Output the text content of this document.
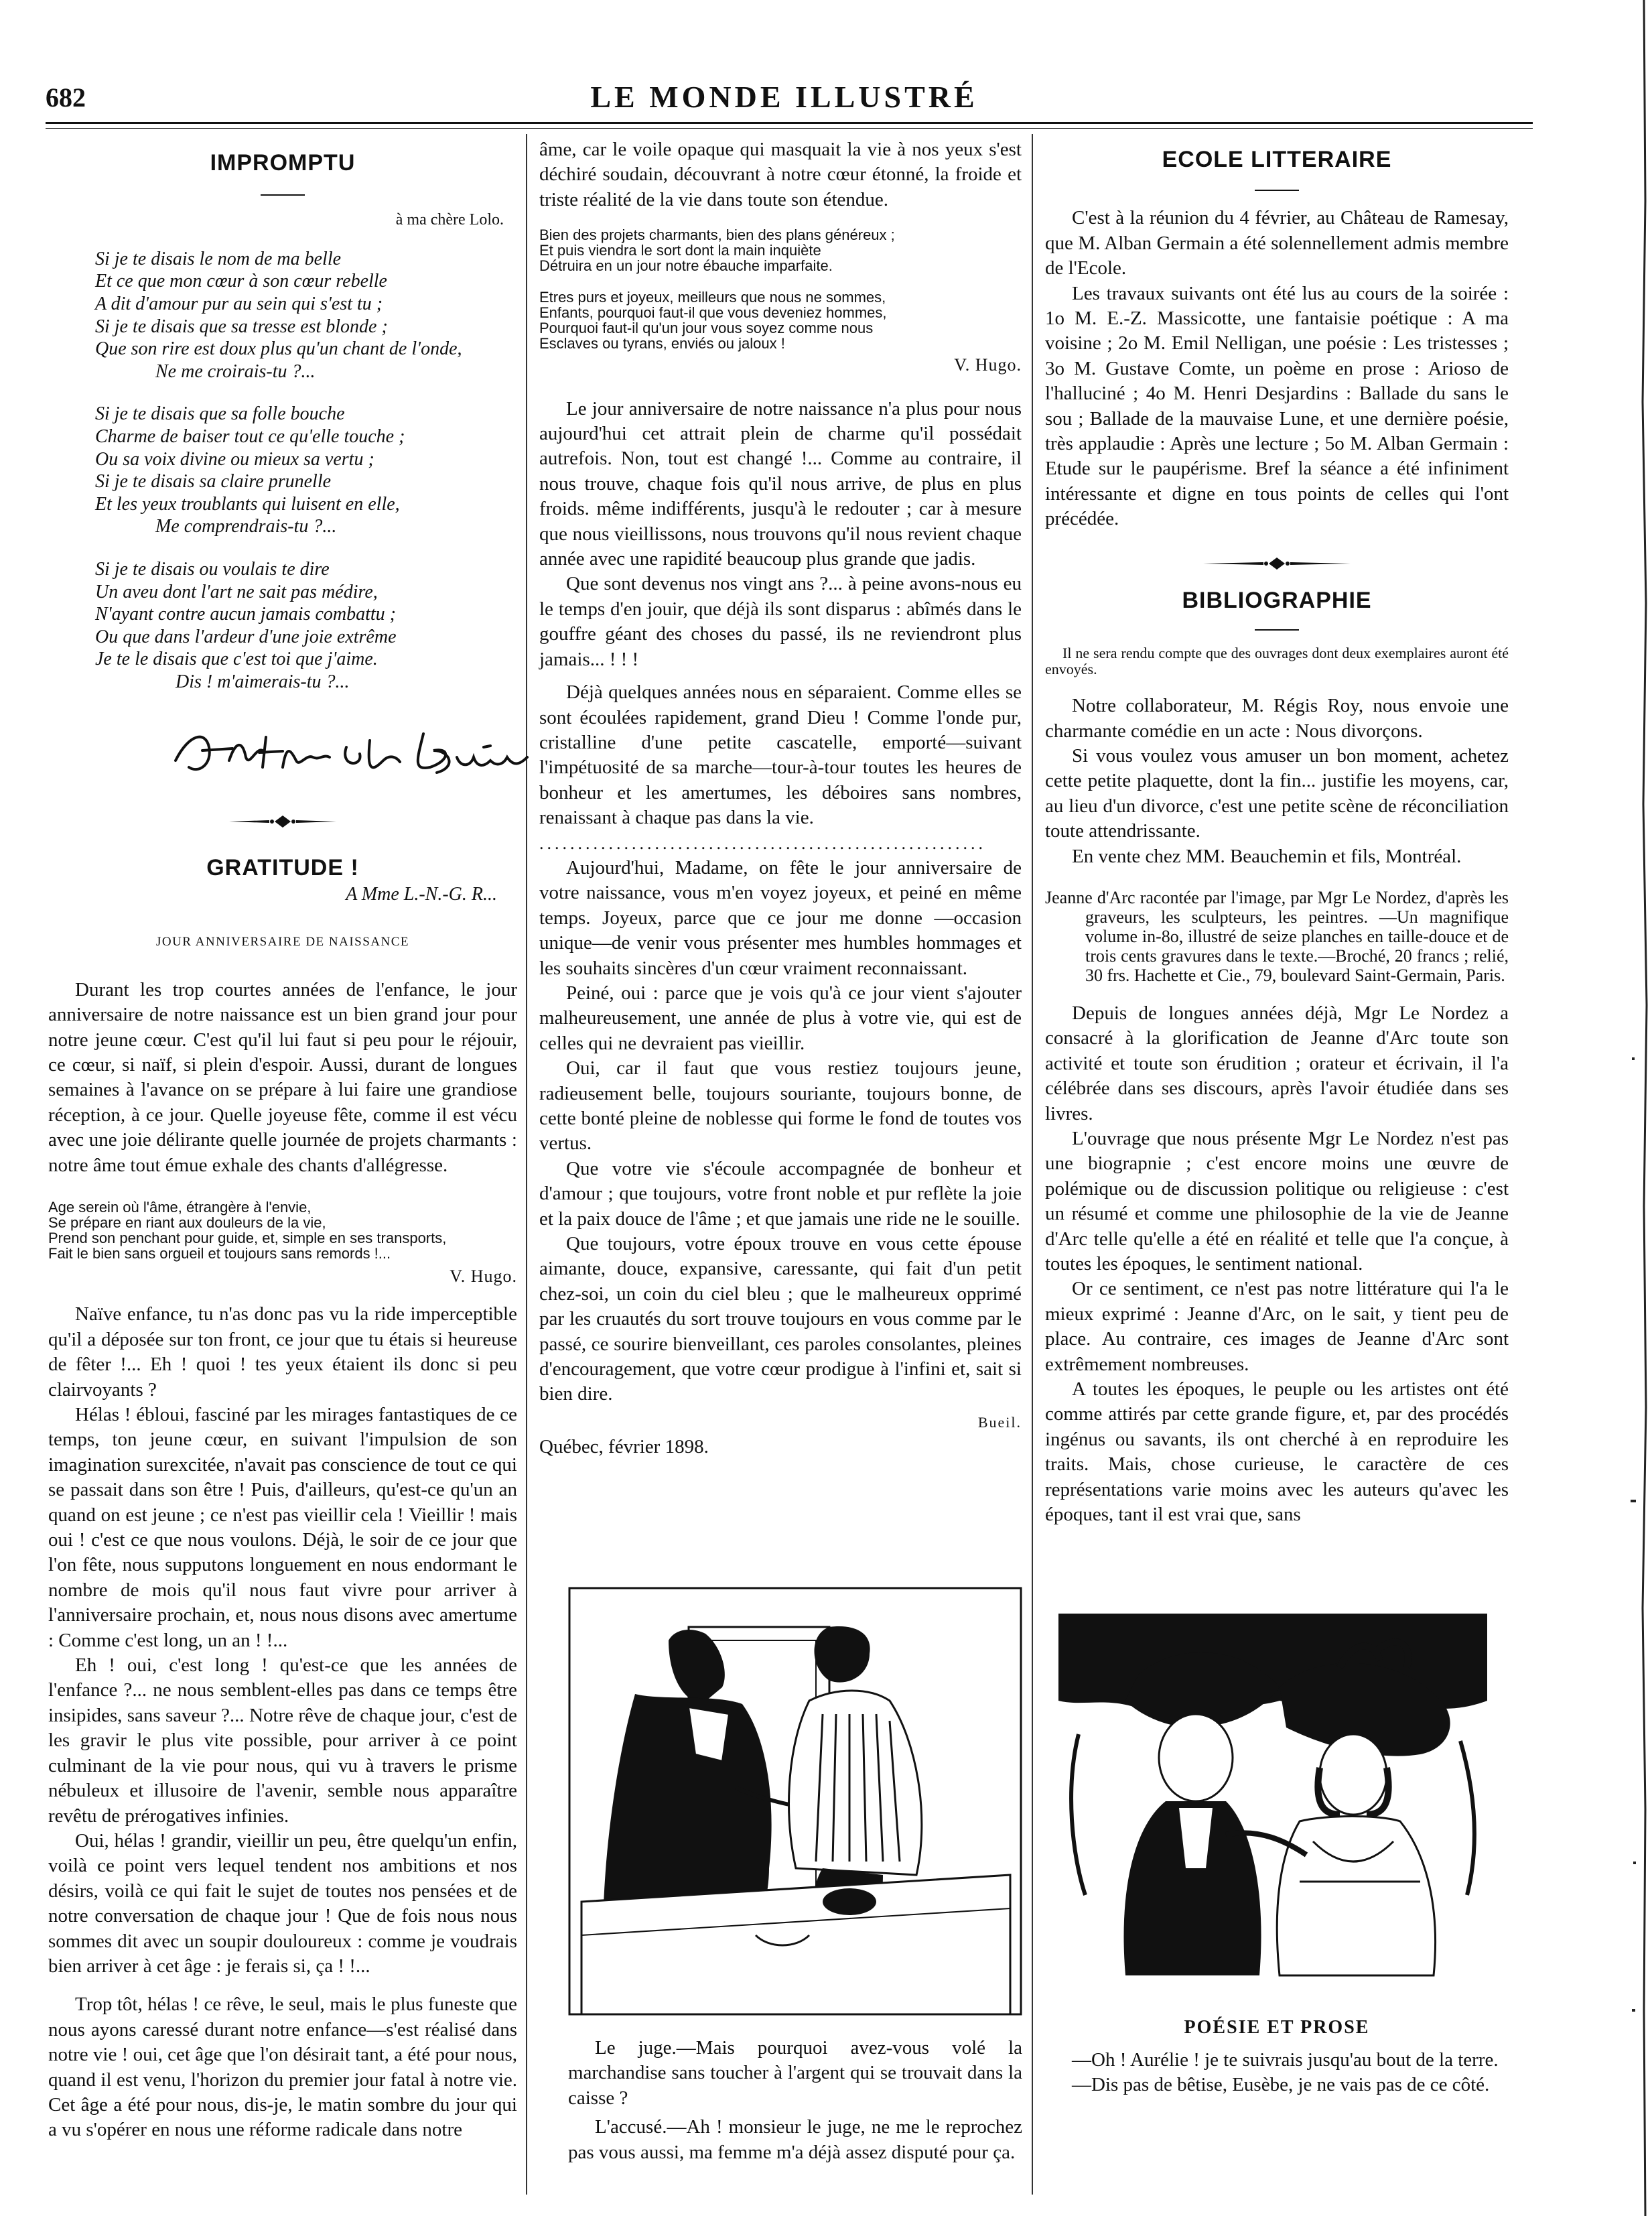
682	LE MONDE ILLUSTRÉ
IMPROMPTU
à ma chère Lolo.
Si je te disais le nom de ma belle
Et ce que mon cœur à son cœur rebelle
A dit d'amour pur au sein qui s'est tu ;
Si je te disais que sa tresse est blonde ;
Que son rire est doux plus qu'un chant de l'onde,
Ne me croirais-tu ?...
Si je te disais que sa folle bouche
Charme de baiser tout ce qu'elle touche ;
Ou sa voix divine ou mieux sa vertu ;
Si je te disais sa claire prunelle
Et les yeux troublants qui luisent en elle,
Me comprendrais-tu ?...
Si je te disais ou voulais te dire
Un aveu dont l'art ne sait pas médire,
N'ayant contre aucun jamais combattu ;
Ou que dans l'ardeur d'une joie extrême
Je te le disais que c'est toi que j'aime.
Dis ! m'aimerais-tu ?...
GRATITUDE !
A Mme L.-N.-G. R...
JOUR ANNIVERSAIRE DE NAISSANCE

Durant les trop courtes années de l'enfance, le jour anniversaire de notre naissance est un bien grand jour pour notre jeune cœur. C'est qu'il lui faut si peu pour le réjouir, ce cœur, si naïf, si plein d'espoir. Aussi, durant de longues semaines à l'avance on se prépare à lui faire une grandiose réception, à ce jour. Quelle joyeuse fête, comme il est vécu avec une joie délirante quelle journée de projets charmants : notre âme tout émue exhale des chants d'allégresse.

Age serein où l'âme, étrangère à l'envie,
Se prépare en riant aux douleurs de la vie,
Prend son penchant pour guide, et, simple en ses transports,
Fait le bien sans orgueil et toujours sans remords !...
V. Hugo.

Naïve enfance, tu n'as donc pas vu la ride imperceptible qu'il a déposée sur ton front, ce jour que tu étais si heureuse de fêter !... Eh ! quoi ! tes yeux étaient ils donc si peu clairvoyants ?

Hélas ! ébloui, fasciné par les mirages fantastiques de ce temps, ton jeune cœur, en suivant l'impulsion de son imagination surexcitée, n'avait pas conscience de tout ce qui se passait dans son être ! Puis, d'ailleurs, qu'est-ce qu'un an quand on est jeune ; ce n'est pas vieillir cela ! Vieillir ! mais oui ! c'est ce que nous voulons. Déjà, le soir de ce jour que l'on fête, nous supputons longuement en nous endormant le nombre de mois qu'il nous faut vivre pour arriver à l'anniversaire prochain, et, nous nous disons avec amertume : Comme c'est long, un an ! !...

Eh ! oui, c'est long ! qu'est-ce que les années de l'enfance ?... ne nous semblent-elles pas dans ce temps être insipides, sans saveur ?... Notre rêve de chaque jour, c'est de les gravir le plus vite possible, pour arriver à ce point culminant de la vie pour nous, qui vu à travers le prisme nébuleux et illusoire de l'avenir, semble nous apparaître revêtu de prérogatives infinies.

Oui, hélas ! grandir, vieillir un peu, être quelqu'un enfin, voilà ce point vers lequel tendent nos ambitions et nos désirs, voilà ce qui fait le sujet de toutes nos pensées et de notre conversation de chaque jour ! Que de fois nous nous sommes dit avec un soupir douloureux : comme je voudrais bien arriver à cet âge : je ferais si, ça ! !...

Trop tôt, hélas ! ce rêve, le seul, mais le plus funeste que nous ayons caressé durant notre enfance—s'est réalisé dans notre vie ! oui, cet âge que l'on désirait tant, a été pour nous, quand il est venu, l'horizon du premier jour fatal à notre vie. Cet âge a été pour nous, dis-je, le matin sombre du jour qui a vu s'opérer en nous une réforme radicale dans notre

âme, car le voile opaque qui masquait la vie à nos yeux s'est déchiré soudain, découvrant à notre cœur étonné, la froide et triste réalité de la vie dans toute son étendue.

Bien des projets charmants, bien des plans généreux ;
Et puis viendra le sort dont la main inquiète
Détruira en un jour notre ébauche imparfaite.
Etres purs et joyeux, meilleurs que nous ne sommes,
Enfants, pourquoi faut-il que vous deveniez hommes,
Pourquoi faut-il qu'un jour vous soyez comme nous
Esclaves ou tyrans, enviés ou jaloux !
V. Hugo.

Le jour anniversaire de notre naissance n'a plus pour nous aujourd'hui cet attrait plein de charme qu'il possédait autrefois. Non, tout est changé !... Comme au contraire, il nous trouve, chaque fois qu'il nous arrive, de plus en plus froids. même indifférents, jusqu'à le redouter ; car à mesure que nous vieillissons, nous trouvons qu'il nous revient chaque année avec une rapidité beaucoup plus grande que jadis.

Que sont devenus nos vingt ans ?... à peine avons-nous eu le temps d'en jouir, que déjà ils sont disparus : abîmés dans le gouffre géant des choses du passé, ils ne reviendront plus jamais... ! ! !

Déjà quelques années nous en séparaient. Comme elles se sont écoulées rapidement, grand Dieu ! Comme l'onde pur, cristalline d'une petite cascatelle, emporté—suivant l'impétuosité de sa marche—tour-à-tour toutes les heures de bonheur et les amertumes, les déboires sans nombres, renaissant à chaque pas dans la vie.

..........................................................

Aujourd'hui, Madame, on fête le jour anniversaire de votre naissance, vous m'en voyez joyeux, et peiné en même temps. Joyeux, parce que ce jour me donne —occasion unique—de venir vous présenter mes humbles hommages et les souhaits sincères d'un cœur vraiment reconnaissant.

Peiné, oui : parce que je vois qu'à ce jour vient s'ajouter malheureusement, une année de plus à votre vie, qui est de celles qui ne devraient pas vieillir.

Oui, car il faut que vous restiez toujours jeune, radieusement belle, toujours souriante, toujours bonne, de cette bonté pleine de noblesse qui forme le fond de toutes vos vertus.

Que votre vie s'écoule accompagnée de bonheur et d'amour ; que toujours, votre front noble et pur reflète la joie et la paix douce de l'âme ; et que jamais une ride ne le souille.

Que toujours, votre époux trouve en vous cette épouse aimante, douce, expansive, caressante, qui fait d'un petit chez-soi, un coin du ciel bleu ; que le malheureux opprimé par les cruautés du sort trouve toujours en vous comme par le passé, ce sourire bienveillant, ces paroles consolantes, pleines d'encouragement, que votre cœur prodigue à l'infini et, sait si bien dire.

Bueil.
Québec, février 1898.

Le juge.—Mais pourquoi avez-vous volé la marchandise sans toucher à l'argent qui se trouvait dans la caisse ?

L'accusé.—Ah ! monsieur le juge, ne me le reprochez pas vous aussi, ma femme m'a déjà assez disputé pour ça.

ECOLE LITTERAIRE

C'est à la réunion du 4 février, au Château de Ramesay, que M. Alban Germain a été solennellement admis membre de l'Ecole.

Les travaux suivants ont été lus au cours de la soirée : 1o M. E.-Z. Massicotte, une fantaisie poétique : A ma voisine ; 2o M. Emil Nelligan, une poésie : Les tristesses ; 3o M. Gustave Comte, un poème en prose : Arioso de l'halluciné ; 4o M. Henri Desjardins : Ballade du sans le sou ; Ballade de la mauvaise Lune, et une dernière poésie, très applaudie : Après une lecture ; 5o M. Alban Germain : Etude sur le paupérisme. Bref la séance a été infiniment intéressante et digne en tous points de celles qui l'ont précédée.

BIBLIOGRAPHIE
Il ne sera rendu compte que des ouvrages dont deux exemplaires auront été envoyés.

Notre collaborateur, M. Régis Roy, nous envoie une charmante comédie en un acte : Nous divorçons.

Si vous voulez vous amuser un bon moment, achetez cette petite plaquette, dont la fin... justifie les moyens, car, au lieu d'un divorce, c'est une petite scène de réconciliation toute attendrissante.

En vente chez MM. Beauchemin et fils, Montréal.

Jeanne d'Arc racontée par l'image, par Mgr Le Nordez, d'après les graveurs, les sculpteurs, les peintres. —Un magnifique volume in-8o, illustré de seize planches en taille-douce et de trois cents gravures dans le texte.—Broché, 20 francs ; relié, 30 frs. Hachette et Cie., 79, boulevard Saint-Germain, Paris.

Depuis de longues années déjà, Mgr Le Nordez a consacré à la glorification de Jeanne d'Arc toute son activité et toute son érudition ; orateur et écrivain, il l'a célébrée dans ses discours, après l'avoir étudiée dans ses livres.

L'ouvrage que nous présente Mgr Le Nordez n'est pas une biograpnie ; c'est encore moins une œuvre de polémique ou de discussion politique ou religieuse : c'est un résumé et comme une philosophie de la vie de Jeanne d'Arc telle qu'elle a été en réalité et telle que l'a conçue, à toutes les époques, le sentiment national.

Or ce sentiment, ce n'est pas notre littérature qui l'a le mieux exprimé : Jeanne d'Arc, on le sait, y tient peu de place. Au contraire, ces images de Jeanne d'Arc sont extrêmement nombreuses.

A toutes les époques, le peuple ou les artistes ont été comme attirés par cette grande figure, et, par des procédés ingénus ou savants, ils ont cherché à en reproduire les traits. Mais, chose curieuse, le caractère de ces représentations varie moins avec les auteurs qu'avec les époques, tant il est vrai que, sans

POÉSIE ET PROSE

—Oh ! Aurélie ! je te suivrais jusqu'au bout de la terre.

—Dis pas de bêtise, Eusèbe, je ne vais pas de ce côté.
